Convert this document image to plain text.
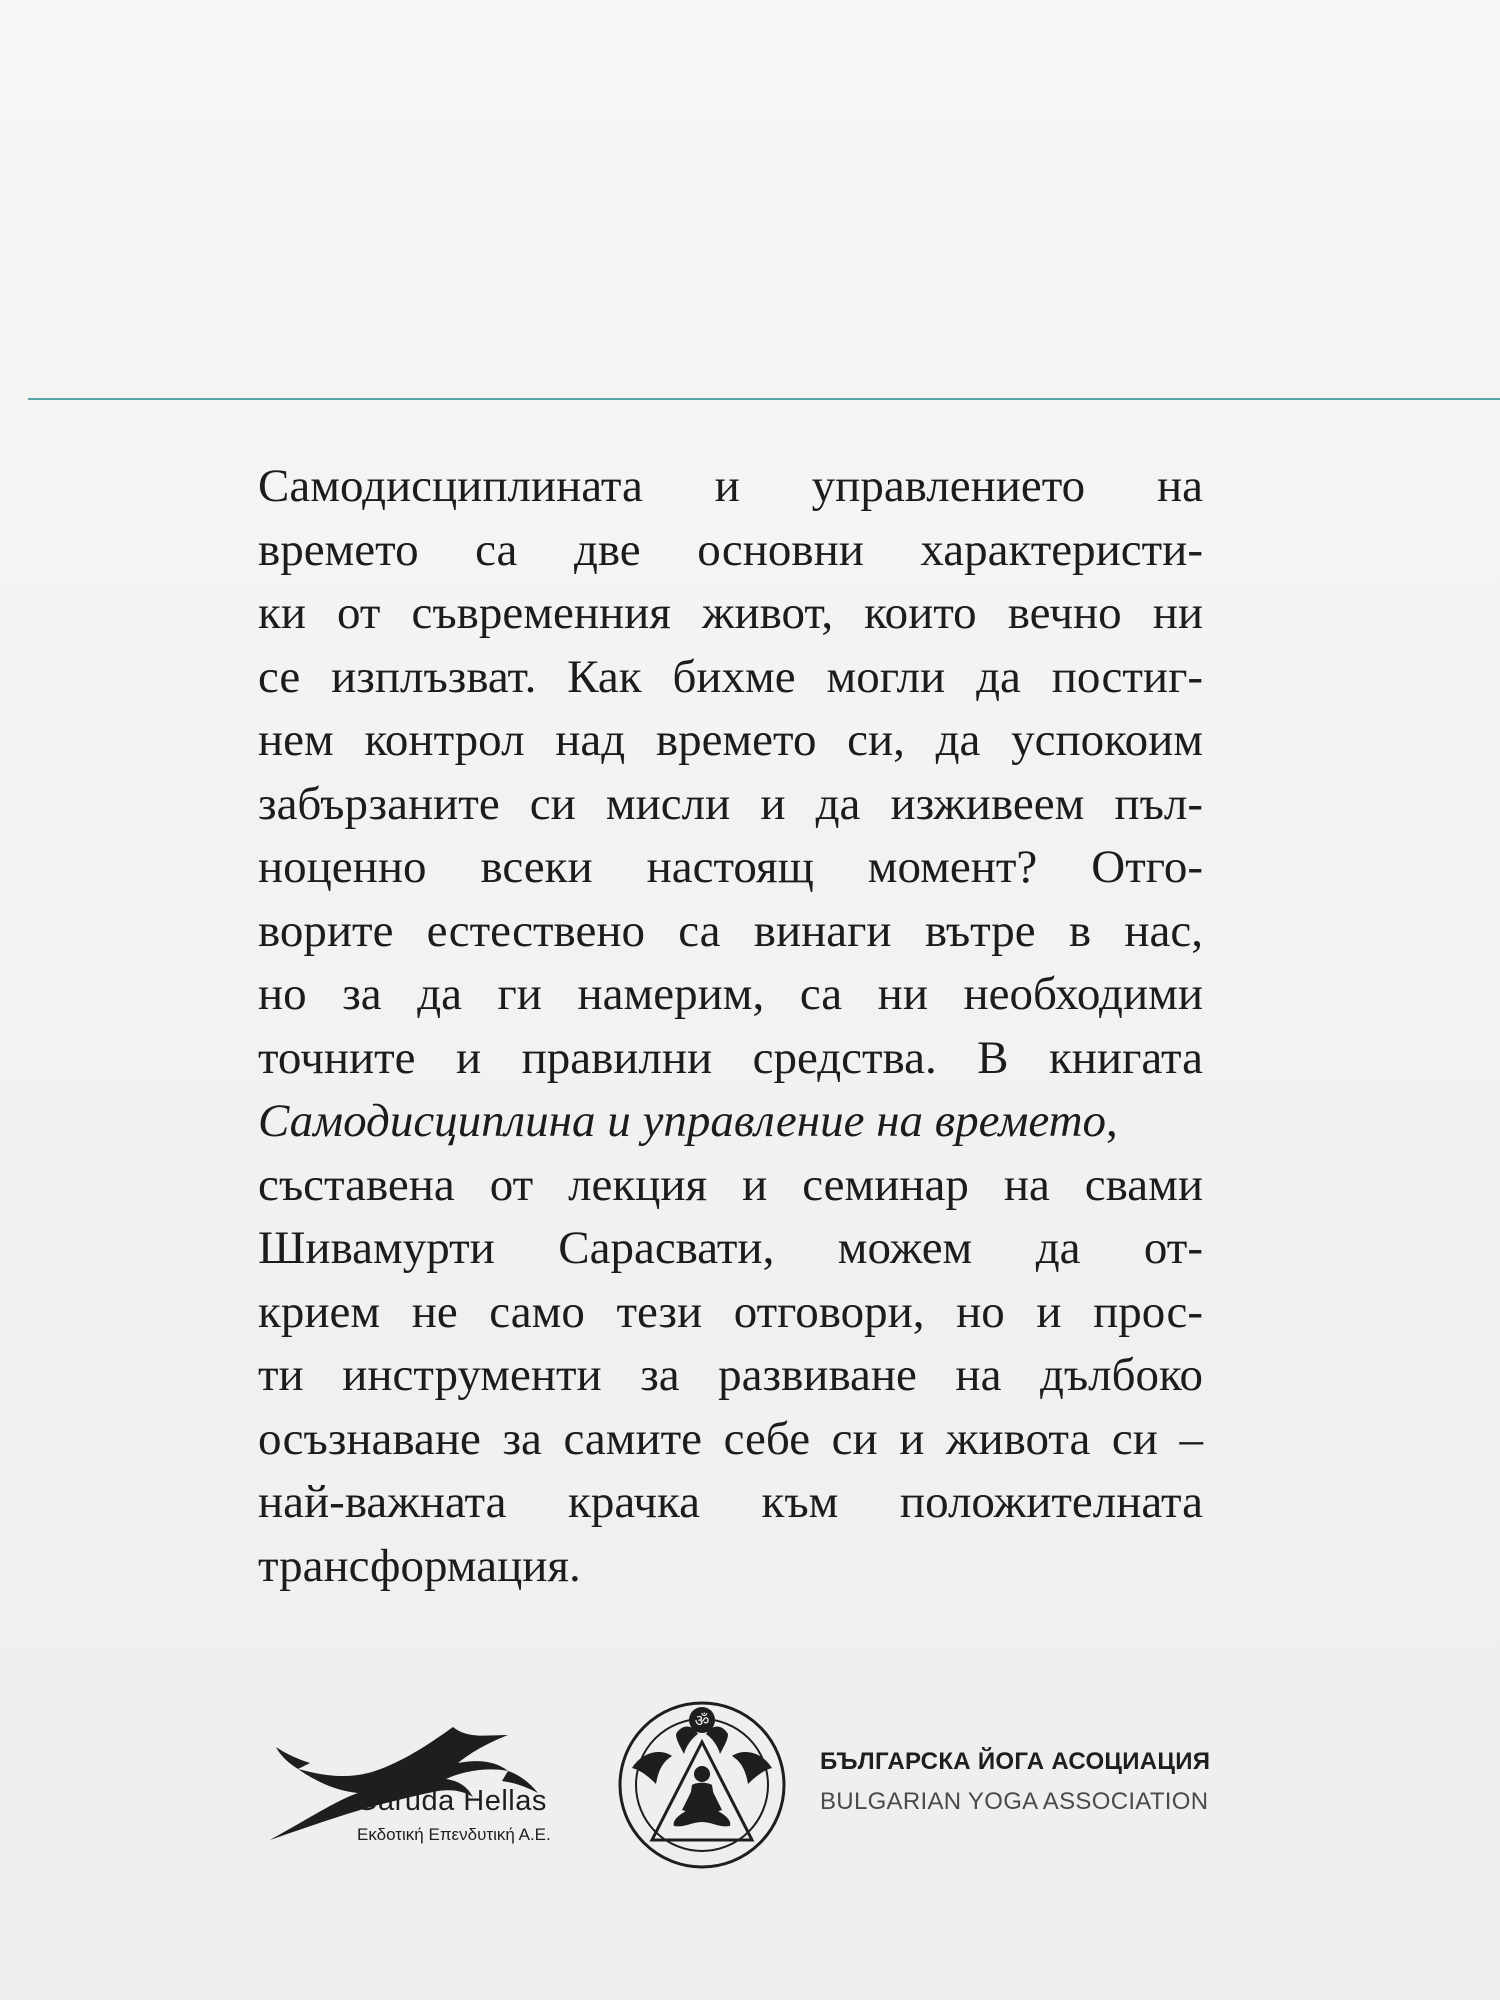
Самодисциплината и управлението на
времето са две основни характеристи-
ки от съвременния живот, които вечно ни
се изплъзват. Как бихме могли да постиг-
нем контрол над времето си, да успокоим
забързаните си мисли и да изживеем пъл-
ноценно всеки настоящ момент? Отго-
ворите естествено са винаги вътре в нас,
но за да ги намерим, са ни необходими
точните и правилни средства. В книгата
Самодисциплина и управление на времето,
съставена от лекция и семинар на свами
Шивамурти Сарасвати, можем да от-
крием не само тези отговори, но и прос-
ти инструменти за развиване на дълбоко
осъзнаване за самите себе си и живота си –
най-важната крачка към положителната
трансформация.
Garuda Hellas
Εκδοτική Επενδυτική Α.Ε.
ॐ
БЪЛГАРСКА ЙОГА АСОЦИАЦИЯ
BULGARIAN YOGA ASSOCIATION
